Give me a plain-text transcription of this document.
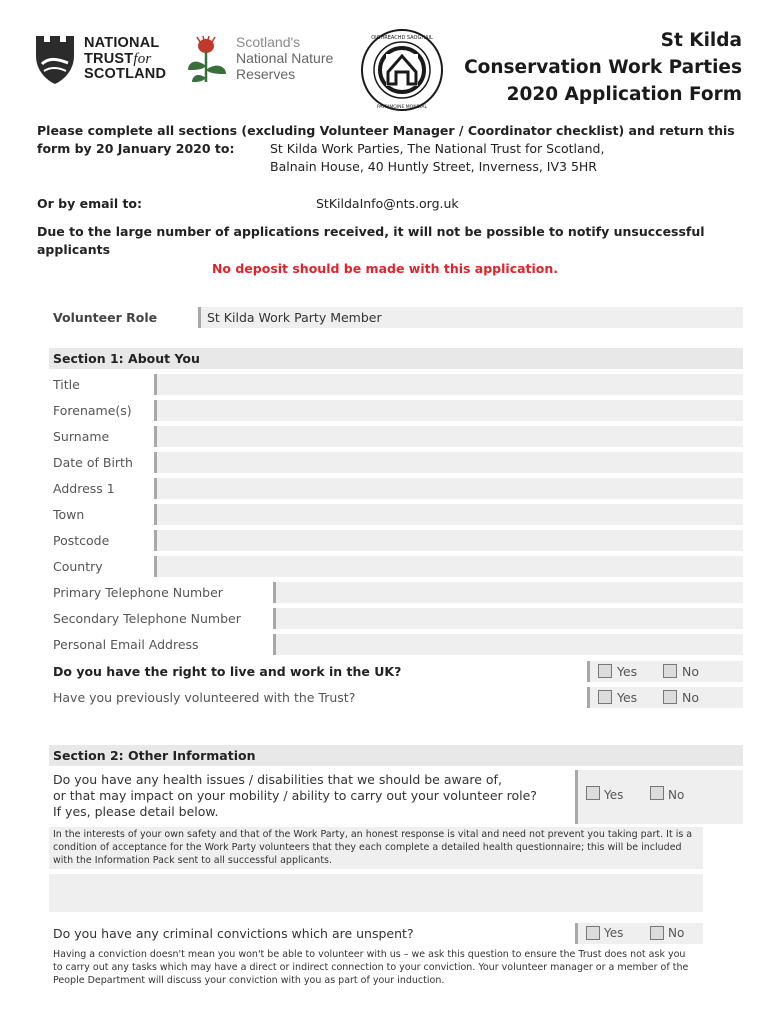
NATIONAL
TRUSTfor
SCOTLAND
Scotland's
National Nature
Reserves
OIGHREACHD SAOGHAIL
PATRIMOINE MONDIAL
St Kilda
Conservation Work Parties
2020 Application Form
Please complete all sections (excluding Volunteer Manager / Coordinator checklist) and return this
form by 20 January 2020 to:	St Kilda Work Parties, The National Trust for Scotland,
Balnain House, 40 Huntly Street, Inverness, IV3 5HR
Or by email to:	StKildaInfo@nts.org.uk
Due to the large number of applications received, it will not be possible to notify unsuccessful applicants
No deposit should be made with this application.
Volunteer Role	St Kilda Work Party Member
Section 1: About You
Title
Forename(s)
Surname
Date of Birth
Address 1
Town
Postcode
Country
Primary Telephone Number
Secondary Telephone Number
Personal Email Address
Do you have the right to live and work in the UK?	Yes	No
Have you previously volunteered with the Trust?	Yes	No
Section 2: Other Information
Do you have any health issues / disabilities that we should be aware of,
or that may impact on your mobility / ability to carry out your volunteer role?
If yes, please detail below.
Yes	No
In the interests of your own safety and that of the Work Party, an honest response is vital and need not prevent you taking part. It is a
condition of acceptance for the Work Party volunteers that they each complete a detailed health questionnaire; this will be included
with the Information Pack sent to all successful applicants.
Do you have any criminal convictions which are unspent?	Yes	No
Having a conviction doesn't mean you won't be able to volunteer with us – we ask this question to ensure the Trust does not ask you
to carry out any tasks which may have a direct or indirect connection to your conviction. Your volunteer manager or a member of the
People Department will discuss your conviction with you as part of your induction.
